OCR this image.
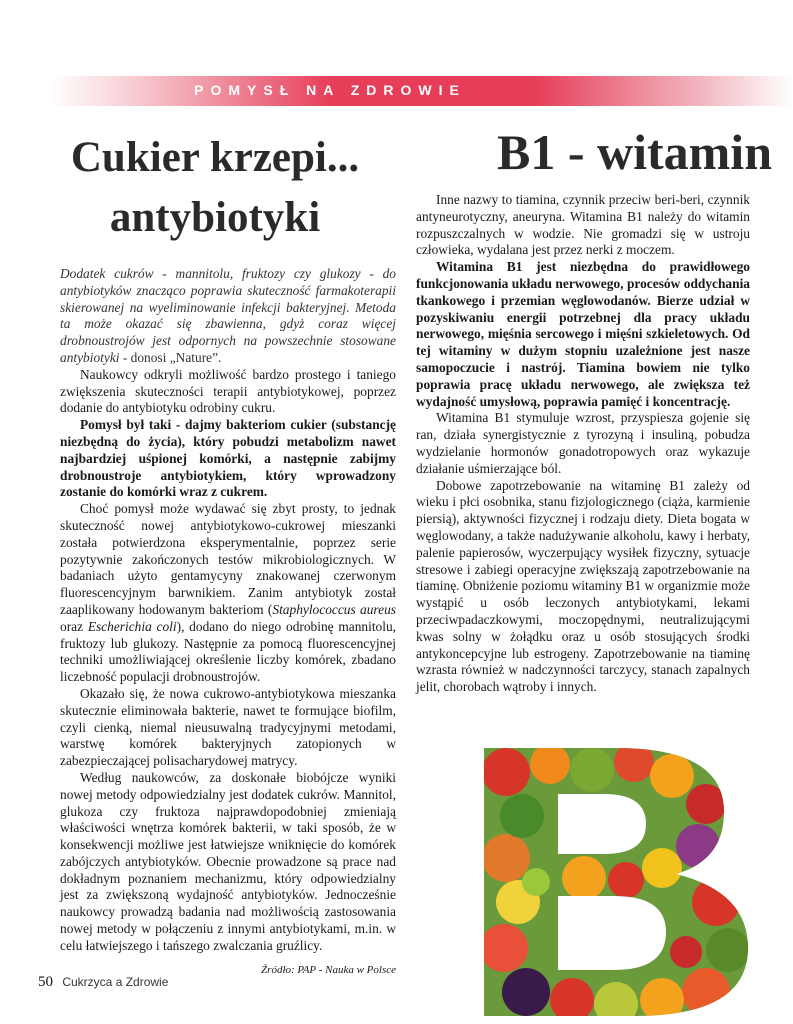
POMYSŁ NA ZDROWIE
Cukier krzepi...
antybiotyki
B1 - witamin

Dodatek cukrów - mannitolu, fruktozy czy glukozy - do antybiotyków znacząco poprawia skuteczność farmakoterapii skierowanej na wyeliminowanie infekcji bakteryjnej. Metoda ta może okazać się zbawienna, gdyż coraz więcej drobnoustrojów jest odpornych na powszechnie stosowane antybiotyki - donosi „Nature”.

Naukowcy odkryli możliwość bardzo prostego i taniego zwiększenia skuteczności terapii antybiotykowej, poprzez dodanie do antybiotyku odrobiny cukru.

Pomysł był taki - dajmy bakteriom cukier (substancję niezbędną do życia), który pobudzi metabolizm nawet najbardziej uśpionej komórki, a następnie zabijmy drobnoustroje antybiotykiem, który wprowadzony zostanie do komórki wraz z cukrem.

Choć pomysł może wydawać się zbyt prosty, to jednak skuteczność nowej antybiotykowo-cukrowej mieszanki została potwierdzona eksperymentalnie, poprzez serie pozytywnie zakończonych testów mikrobiologicznych. W badaniach użyto gentamycyny znakowanej czerwonym fluorescencyjnym barwnikiem. Zanim antybiotyk został zaaplikowany hodowanym bakteriom (Staphylococcus aureus oraz Escherichia coli), dodano do niego odrobinę mannitolu, fruktozy lub glukozy. Następnie za pomocą fluorescencyjnej techniki umożliwiającej określenie liczby komórek, zbadano liczebność populacji drobnoustrojów.

Okazało się, że nowa cukrowo-antybiotykowa mieszanka skutecznie eliminowała bakterie, nawet te formujące biofilm, czyli cienką, niemal nieusuwalną tradycyjnymi metodami, warstwę komórek bakteryjnych zatopionych w zabezpieczającej polisacharydowej matrycy.

Według naukowców, za doskonałe biobójcze wyniki nowej metody odpowiedzialny jest dodatek cukrów. Mannitol, glukoza czy fruktoza najprawdopodobniej zmieniają właściwości wnętrza komórek bakterii, w taki sposób, że w konsekwencji możliwe jest łatwiejsze wniknięcie do komórek zabójczych antybiotyków. Obecnie prowadzone są prace nad dokładnym poznaniem mechanizmu, który odpowiedzialny jest za zwiększoną wydajność antybiotyków. Jednocześnie naukowcy prowadzą badania nad możliwością zastosowania nowej metody w połączeniu z innymi antybiotykami, m.in. w celu łatwiejszego i tańszego zwalczania gruźlicy.

Źródło: PAP - Nauka w Polsce

Inne nazwy to tiamina, czynnik przeciw beri-beri, czynnik antyneurotyczny, aneuryna. Witamina B1 należy do witamin rozpuszczalnych w wodzie. Nie gromadzi się w ustroju człowieka, wydalana jest przez nerki z moczem.

Witamina B1 jest niezbędna do prawidłowego funkcjonowania układu nerwowego, procesów oddychania tkankowego i przemian węglowodanów. Bierze udział w pozyskiwaniu energii potrzebnej dla pracy układu nerwowego, mięśnia sercowego i mięśni szkieletowych. Od tej witaminy w dużym stopniu uzależnione jest nasze samopoczucie i nastrój. Tiamina bowiem nie tylko poprawia pracę układu nerwowego, ale zwiększa też wydajność umysłową, poprawia pamięć i koncentrację.

Witamina B1 stymuluje wzrost, przyspiesza gojenie się ran, działa synergistycznie z tyrozyną i insuliną, pobudza wydzielanie hormonów gonadotropowych oraz wykazuje działanie uśmierzające ból.

Dobowe zapotrzebowanie na witaminę B1 zależy od wieku i płci osobnika, stanu fizjologicznego (ciąża, karmienie piersią), aktywności fizycznej i rodzaju diety. Dieta bogata w węglowodany, a także nadużywanie alkoholu, kawy i herbaty, palenie papierosów, wyczerpujący wysiłek fizyczny, sytuacje stresowe i zabiegi operacyjne zwiększają zapotrzebowanie na tiaminę. Obniżenie poziomu witaminy B1 w organizmie może wystąpić u osób leczonych antybiotykami, lekami przeciwpadaczkowymi, moczopędnymi, neutralizującymi kwas solny w żołądku oraz u osób stosujących środki antykoncepcyjne lub estrogeny. Zapotrzebowanie na tiaminę wzrasta również w nadczynności tarczycy, stanach zapalnych jelit, chorobach wątroby i innych.

50 Cukrzyca a Zdrowie
